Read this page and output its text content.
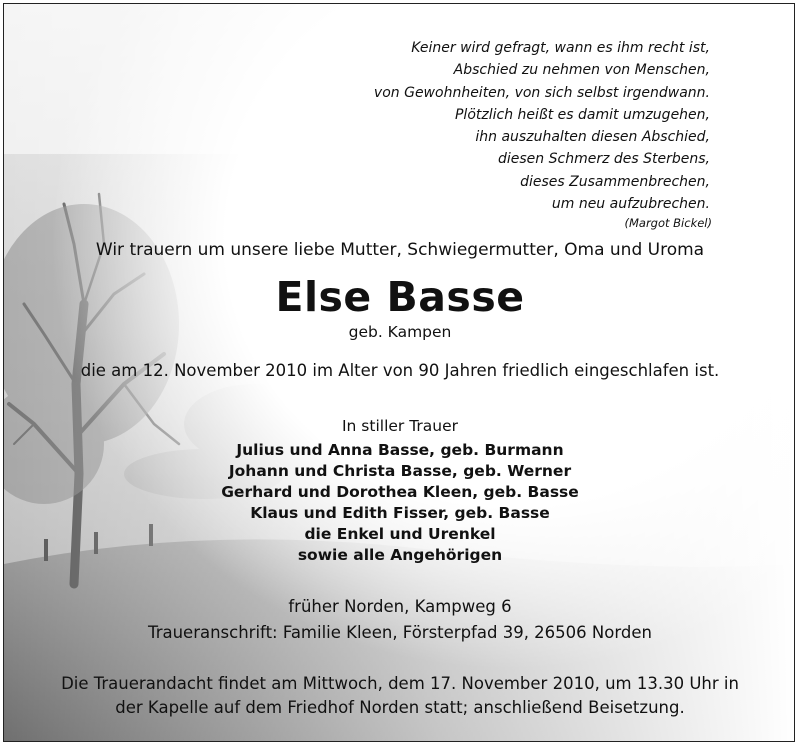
Keiner wird gefragt, wann es ihm recht ist,
Abschied zu nehmen von Menschen,
von Gewohnheiten, von sich selbst irgendwann.
Plötzlich heißt es damit umzugehen,
ihn auszuhalten diesen Abschied,
diesen Schmerz des Sterbens,
dieses Zusammenbrechen,
um neu aufzubrechen.
(Margot Bickel)
Wir trauern um unsere liebe Mutter, Schwiegermutter, Oma und Uroma
Else Basse
geb. Kampen
die am 12. November 2010 im Alter von 90 Jahren friedlich eingeschlafen ist.
In stiller Trauer
Julius und Anna Basse, geb. Burmann
Johann und Christa Basse, geb. Werner
Gerhard und Dorothea Kleen, geb. Basse
Klaus und Edith Fisser, geb. Basse
die Enkel und Urenkel
sowie alle Angehörigen
früher Norden, Kampweg 6
Traueranschrift: Familie Kleen, Försterpfad 39, 26506 Norden
Die Trauerandacht findet am Mittwoch, dem 17. November 2010, um 13.30 Uhr in
der Kapelle auf dem Friedhof Norden statt; anschließend Beisetzung.
